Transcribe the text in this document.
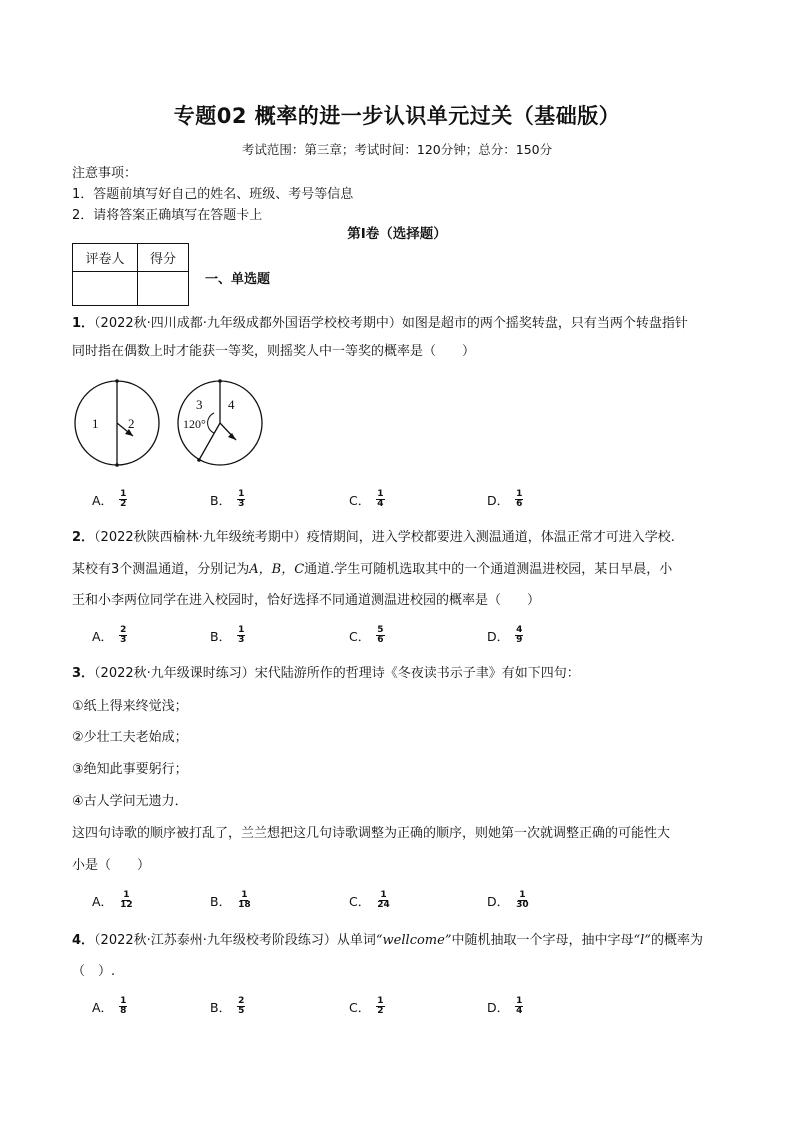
专题02 概率的进一步认识单元过关（基础版）
考试范围：第三章；考试时间：120分钟；总分：150分
注意事项：
1．答题前填写好自己的姓名、班级、考号等信息
2．请将答案正确填写在答题卡上
第I卷（选择题）
评卷人	得分

一、单选题
1．（2022秋·四川成都·九年级成都外国语学校校考期中）如图是超市的两个摇奖转盘，只有当两个转盘指针
同时指在偶数上时才能获一等奖，则摇奖人中一等奖的概率是（　　）
1 2
3 4
120°
A． $\frac{1}{2}$	B． $\frac{1}{3}$	C． $\frac{1}{4}$	D． $\frac{1}{6}$
2．（2022秋陕西榆林·九年级统考期中）疫情期间，进入学校都要进入测温通道，体温正常才可进入学校.
某校有3个测温通道，分别记为A，B，C通道.学生可随机选取其中的一个通道测温进校园，某日早晨，小
王和小李两位同学在进入校园时，恰好选择不同通道测温进校园的概率是（　　）
A． $\frac{2}{3}$	B． $\frac{1}{3}$	C． $\frac{5}{6}$	D． $\frac{4}{9}$
3．（2022秋·九年级课时练习）宋代陆游所作的哲理诗《冬夜读书示子聿》有如下四句：
①纸上得来终觉浅；
②少壮工夫老始成；
③绝知此事要躬行；
④古人学问无遗力．
这四句诗歌的顺序被打乱了，兰兰想把这几句诗歌调整为正确的顺序，则她第一次就调整正确的可能性大
小是（　　）
A． $\frac{1}{12}$	B． $\frac{1}{18}$	C． $\frac{1}{24}$	D． $\frac{1}{30}$
4．（2022秋·江苏泰州·九年级校考阶段练习）从单词“wellcome”中随机抽取一个字母，抽中字母“l”的概率为
（　）.
A． $\frac{1}{8}$	B． $\frac{2}{5}$	C． $\frac{1}{2}$	D． $\frac{1}{4}$
